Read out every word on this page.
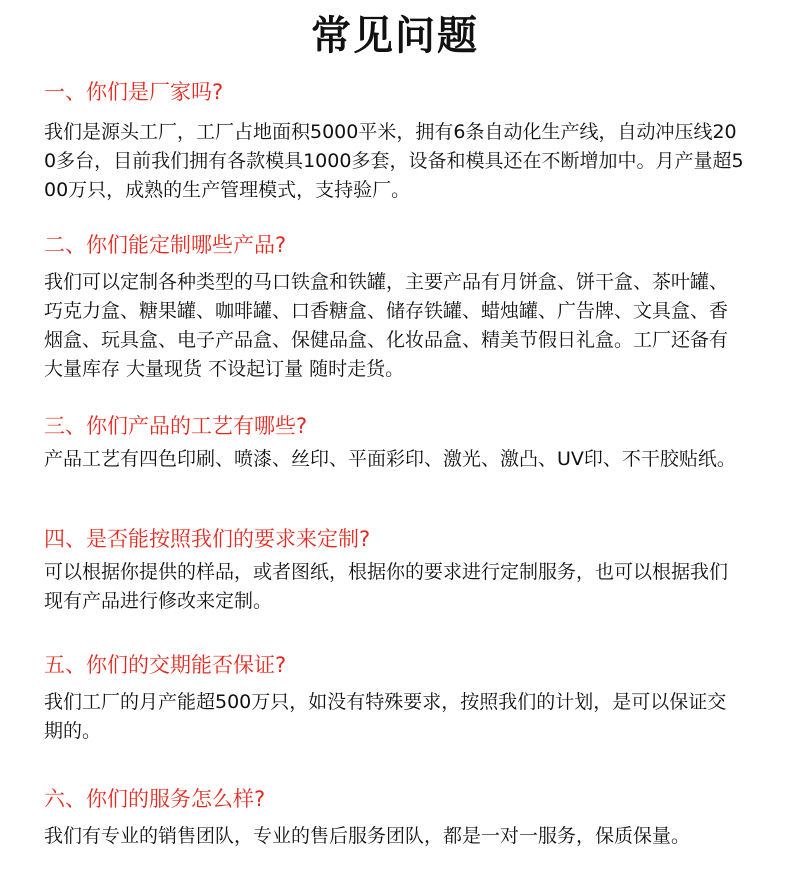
常见问题
一、你们是厂家吗?
我们是源头工厂，工厂占地面积5000平米，拥有6条自动化生产线，自动冲压线200多台，目前我们拥有各款模具1000多套，设备和模具还在不断增加中。月产量超500万只，成熟的生产管理模式，支持验厂。
二、你们能定制哪些产品?
我们可以定制各种类型的马口铁盒和铁罐，主要产品有月饼盒、饼干盒、茶叶罐、巧克力盒、糖果罐、咖啡罐、口香糖盒、储存铁罐、蜡烛罐、广告牌、文具盒、香烟盒、玩具盒、电子产品盒、保健品盒、化妆品盒、精美节假日礼盒。工厂还备有大量库存 大量现货 不设起订量 随时走货。
三、你们产品的工艺有哪些?
产品工艺有四色印刷、喷漆、丝印、平面彩印、激光、激凸、UV印、不干胶贴纸。
四、是否能按照我们的要求来定制?
可以根据你提供的样品，或者图纸，根据你的要求进行定制服务，也可以根据我们现有产品进行修改来定制。
五、你们的交期能否保证?
我们工厂的月产能超500万只，如没有特殊要求，按照我们的计划，是可以保证交期的。
六、你们的服务怎么样?
我们有专业的销售团队，专业的售后服务团队，都是一对一服务，保质保量。
